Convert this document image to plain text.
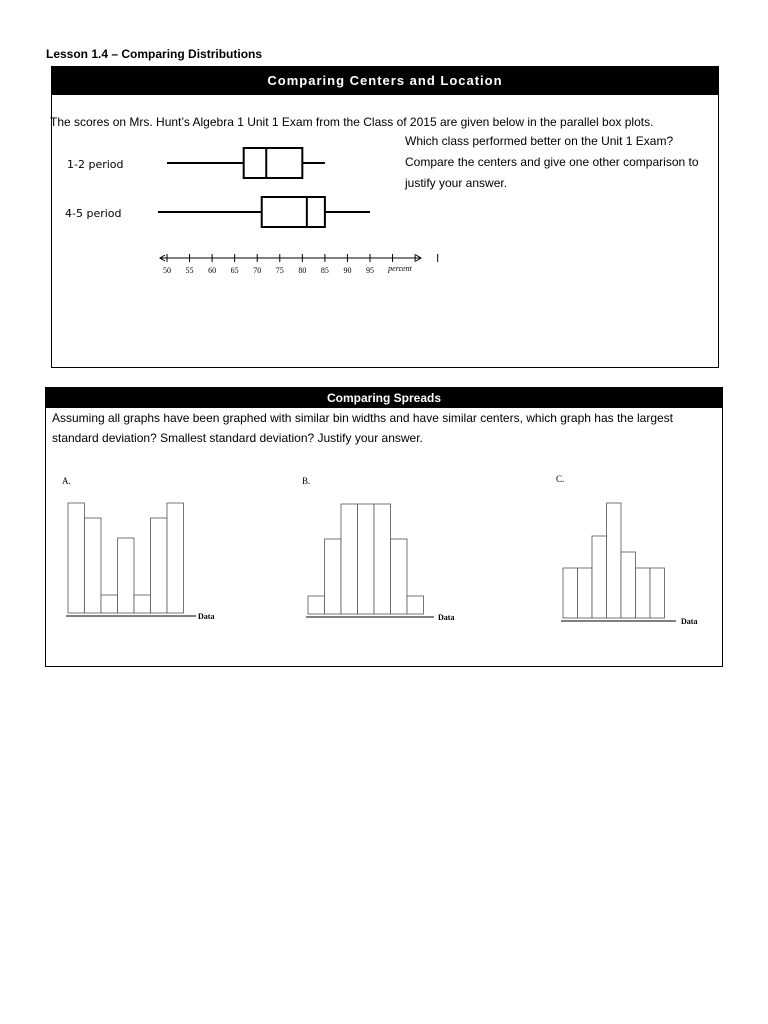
Lesson 1.4 – Comparing Distributions
Comparing Centers and Location
The scores on Mrs. Hunt’s Algebra 1 Unit 1 Exam from the Class of 2015 are given below in the parallel box plots.
Which class performed better on the Unit 1 Exam?
Compare the centers and give one other comparison to
justify your answer.
1-2 period
4-5 period
50 55 60 65 70 75 80 85 90 95 percent
Comparing Spreads
Assuming all graphs have been graphed with similar bin widths and have similar centers, which graph has the largest standard deviation? Smallest standard deviation? Justify your answer.
A.	B.	C.
Data	Data	Data
